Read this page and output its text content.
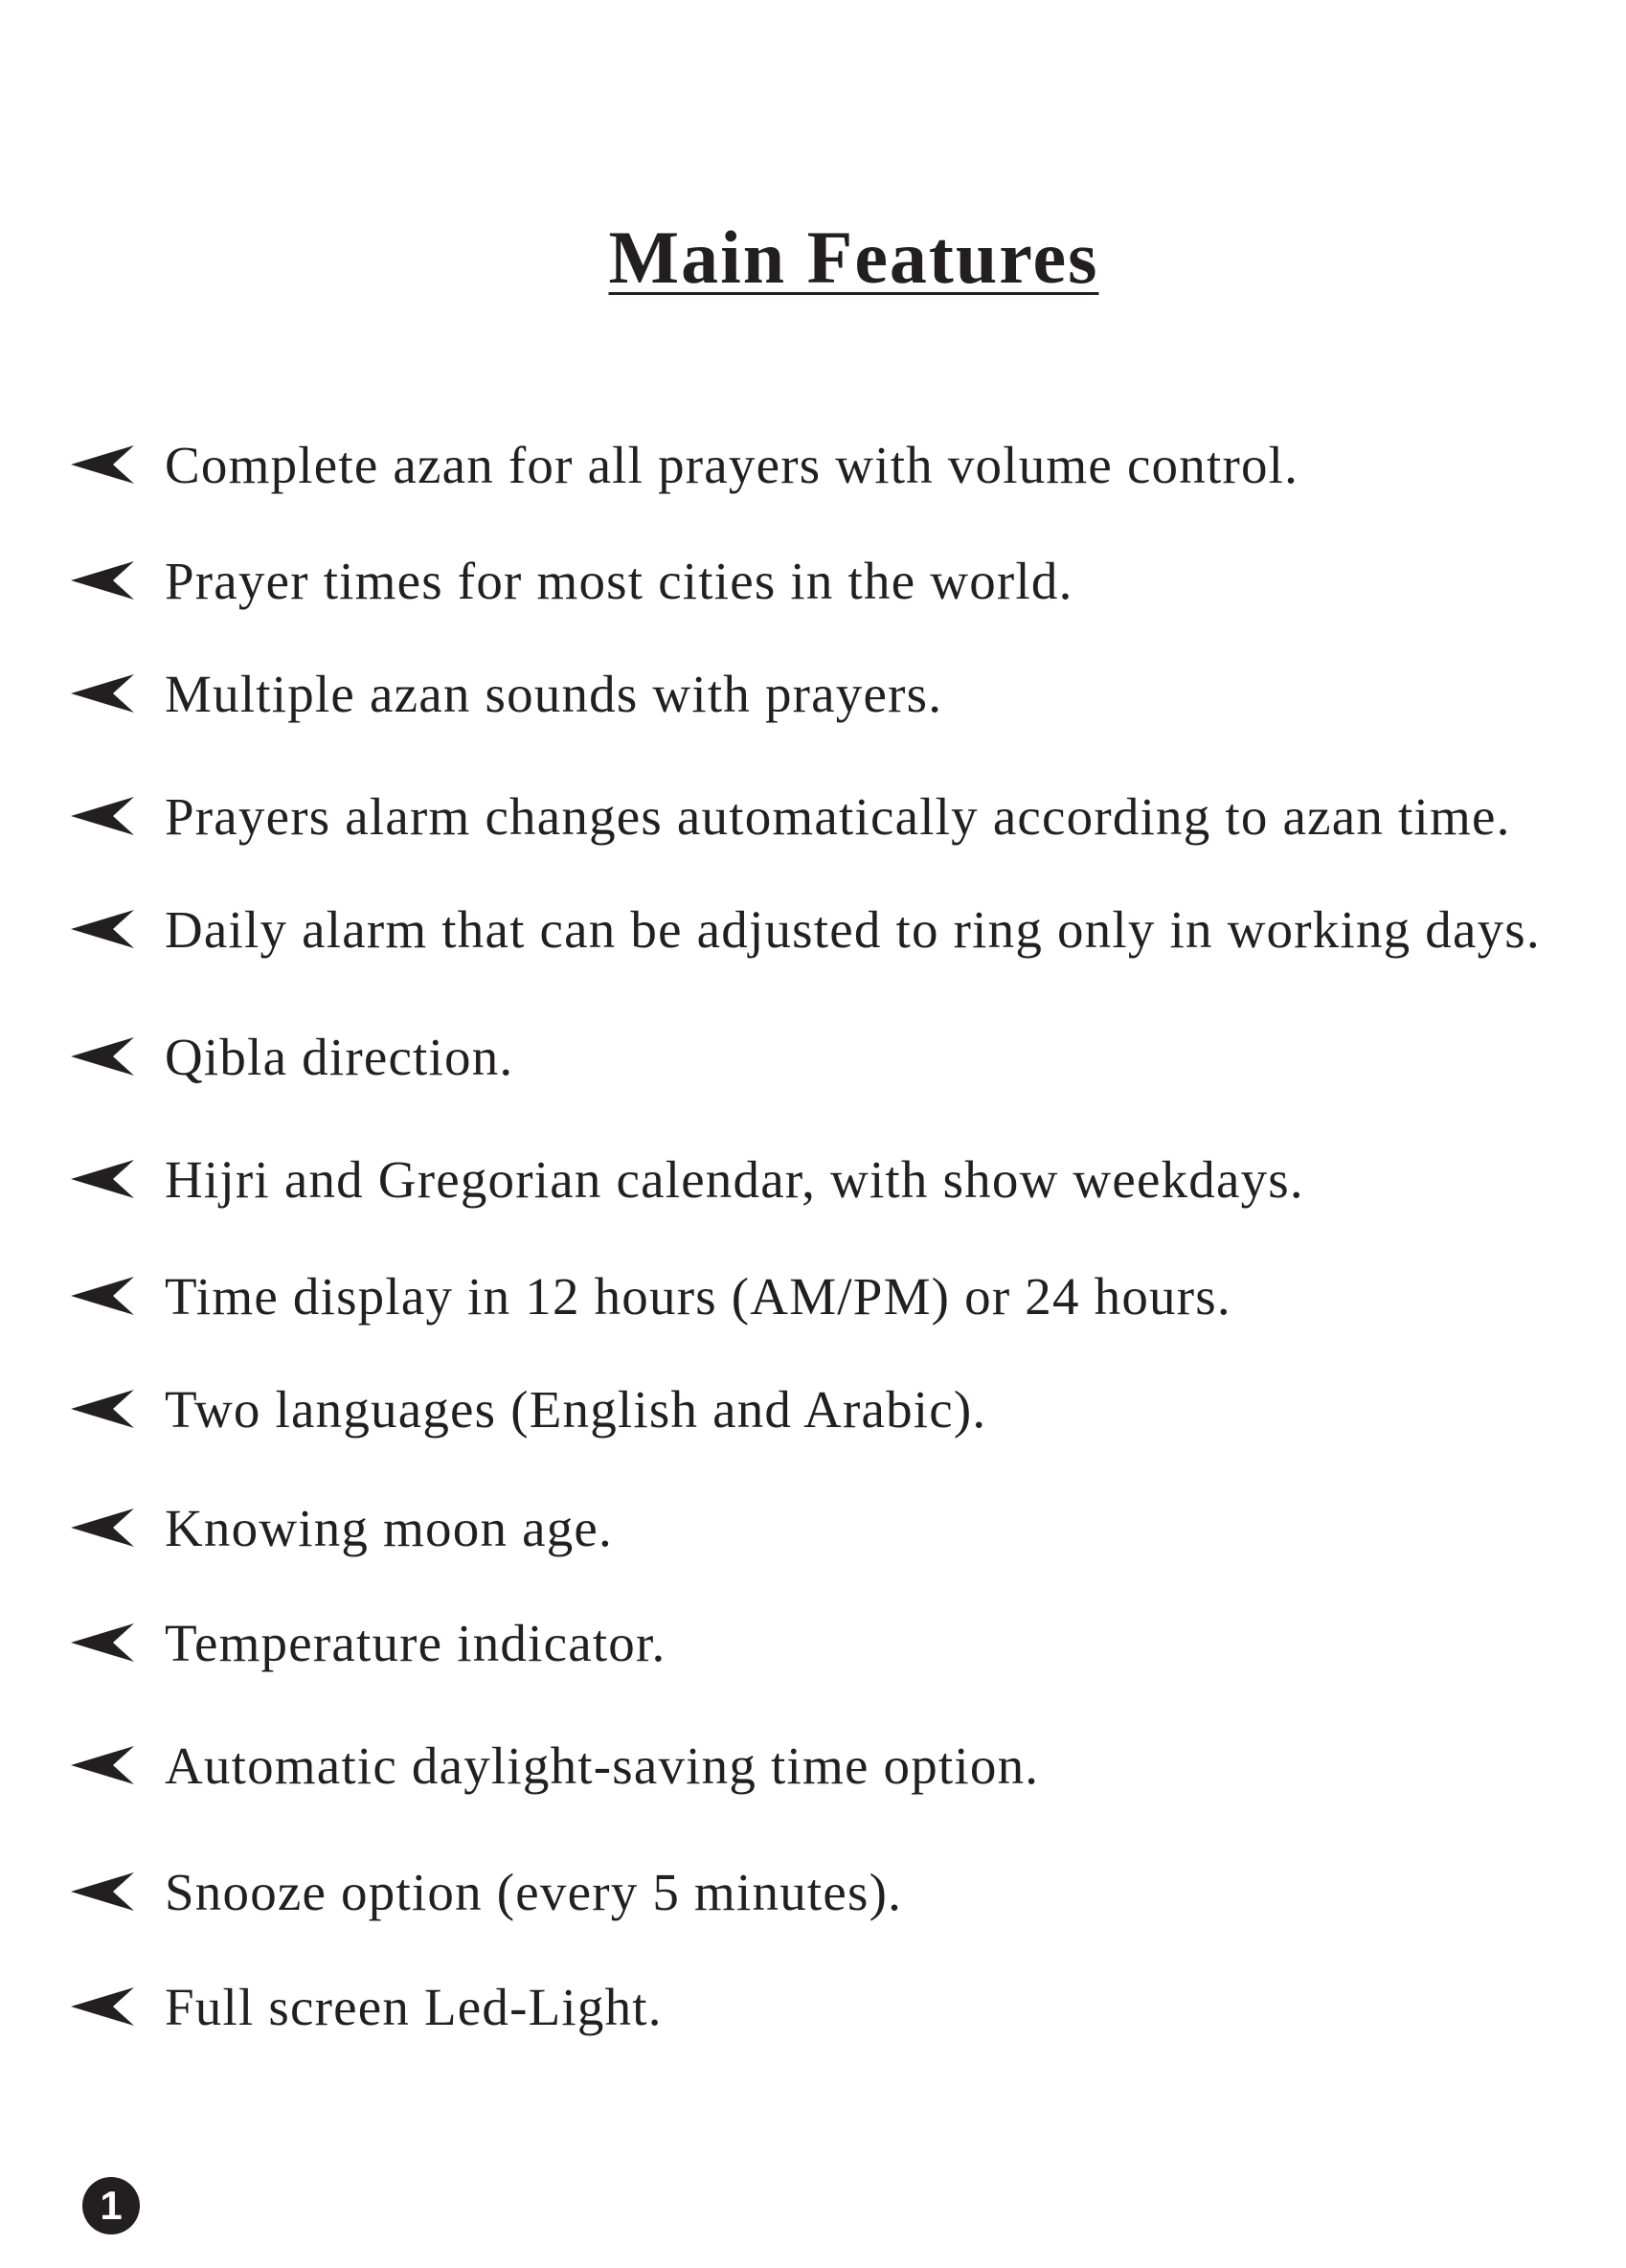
Main Features
Complete azan for all prayers with volume control.
Prayer times for most cities in the world.
Multiple azan sounds with prayers.
Prayers alarm changes automatically according to azan time.
Daily alarm that can be adjusted to ring only in working days.
Qibla direction.
Hijri and Gregorian calendar, with show weekdays.
Time display in 12 hours (AM/PM) or 24 hours.
Two languages (English and Arabic).
Knowing moon age.
Temperature indicator.
Automatic daylight-saving time option.
Snooze option (every 5 minutes).
Full screen Led-Light.
1
